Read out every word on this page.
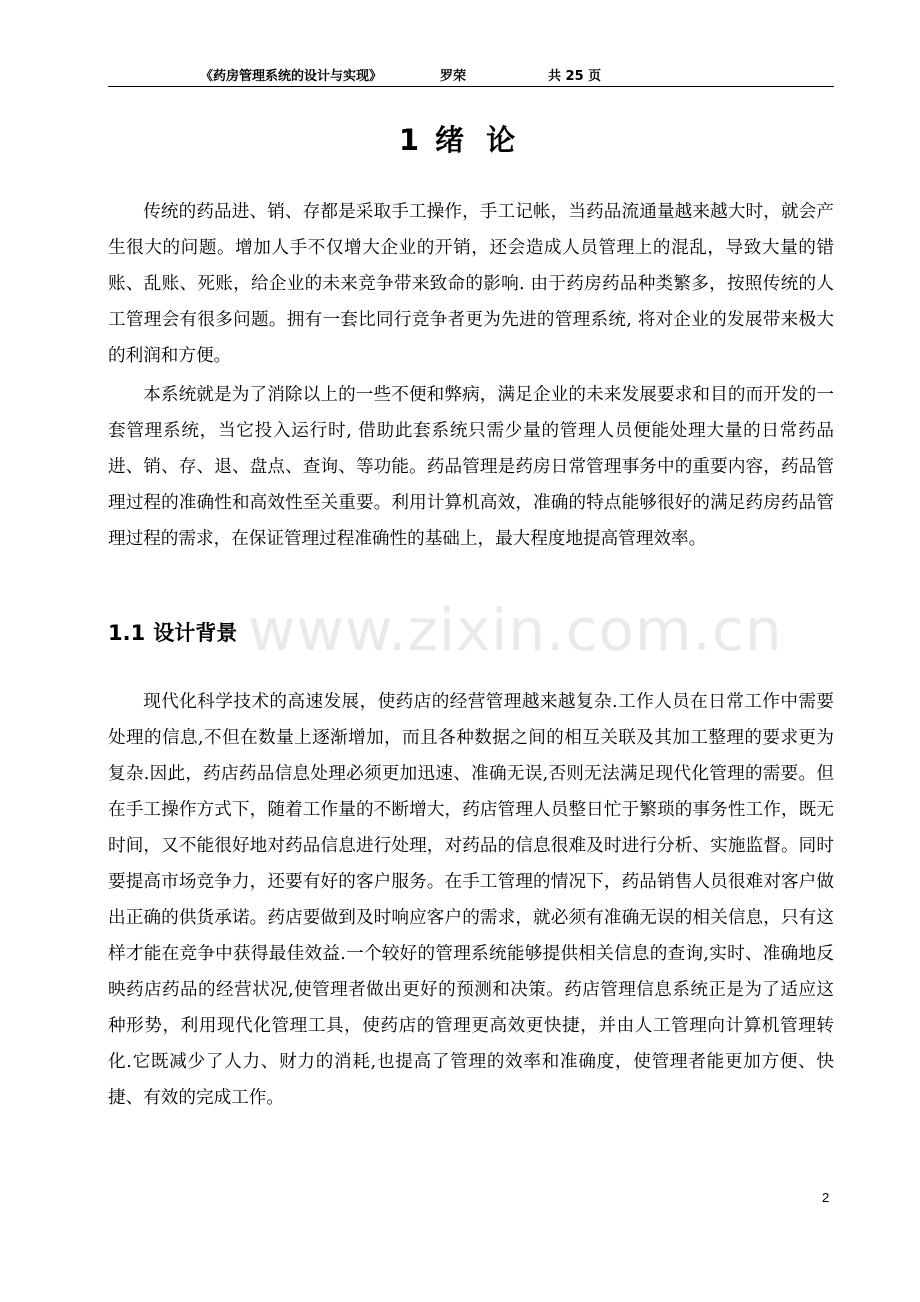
《药房管理系统的设计与实现》	罗荣	共 25 页
1 绪 论

传统的药品进、销、存都是采取手工操作，手工记帐，当药品流通量越来越大时，就会产生很大的问题。增加人手不仅增大企业的开销，还会造成人员管理上的混乱，导致大量的错账、乱账、死账，给企业的未来竞争带来致命的影响. 由于药房药品种类繁多，按照传统的人工管理会有很多问题。拥有一套比同行竞争者更为先进的管理系统, 将对企业的发展带来极大的利润和方便。

本系统就是为了消除以上的一些不便和弊病，满足企业的未来发展要求和目的而开发的一套管理系统，当它投入运行时, 借助此套系统只需少量的管理人员便能处理大量的日常药品进、销、存、退、盘点、查询、等功能。药品管理是药房日常管理事务中的重要内容，药品管理过程的准确性和高效性至关重要。利用计算机高效，准确的特点能够很好的满足药房药品管理过程的需求，在保证管理过程准确性的基础上，最大程度地提高管理效率。

www.zixin.com.cn
1.1 设计背景

现代化科学技术的高速发展，使药店的经营管理越来越复杂.工作人员在日常工作中需要处理的信息,不但在数量上逐渐增加，而且各种数据之间的相互关联及其加工整理的要求更为复杂.因此，药店药品信息处理必须更加迅速、准确无误,否则无法满足现代化管理的需要。但在手工操作方式下，随着工作量的不断增大，药店管理人员整日忙于繁琐的事务性工作，既无时间，又不能很好地对药品信息进行处理，对药品的信息很难及时进行分析、实施监督。同时要提高市场竞争力，还要有好的客户服务。在手工管理的情况下，药品销售人员很难对客户做出正确的供货承诺。药店要做到及时响应客户的需求，就必须有准确无误的相关信息，只有这样才能在竞争中获得最佳效益.一个较好的管理系统能够提供相关信息的查询,实时、准确地反映药店药品的经营状况,使管理者做出更好的预测和决策。药店管理信息系统正是为了适应这种形势，利用现代化管理工具，使药店的管理更高效更快捷，并由人工管理向计算机管理转化.它既减少了人力、财力的消耗,也提高了管理的效率和准确度，使管理者能更加方便、快捷、有效的完成工作。

2
